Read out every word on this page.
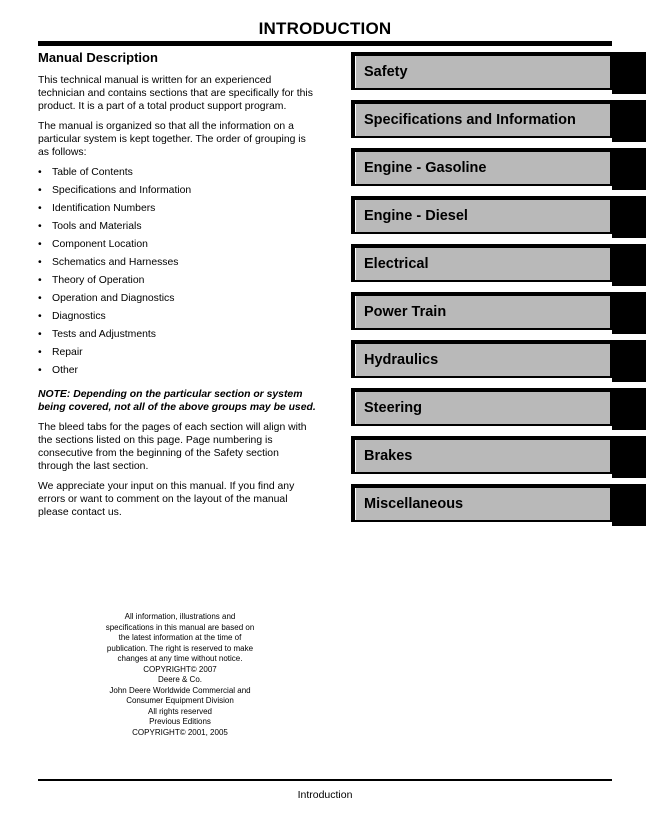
INTRODUCTION
Manual Description

This technical manual is written for an experienced technician and contains sections that are specifically for this product. It is a part of a total product support program.

The manual is organized so that all the information on a particular system is kept together. The order of grouping is as follows:

• Table of Contents
• Specifications and Information
• Identification Numbers
• Tools and Materials
• Component Location
• Schematics and Harnesses
• Theory of Operation
• Operation and Diagnostics
• Diagnostics
• Tests and Adjustments
• Repair
• Other

NOTE: Depending on the particular section or system being covered, not all of the above groups may be used.

The bleed tabs for the pages of each section will align with the sections listed on this page. Page numbering is consecutive from the beginning of the Safety section through the last section.

We appreciate your input on this manual. If you find any errors or want to comment on the layout of the manual please contact us.

Safety
Specifications and Information
Engine - Gasoline
Engine - Diesel
Electrical
Power Train
Hydraulics
Steering
Brakes
Miscellaneous
All information, illustrations and specifications in this manual are based on the latest information at the time of publication. The right is reserved to make changes at any time without notice.
COPYRIGHT© 2007
Deere & Co.
John Deere Worldwide Commercial and Consumer Equipment Division
All rights reserved
Previous Editions
COPYRIGHT© 2001, 2005
Introduction
